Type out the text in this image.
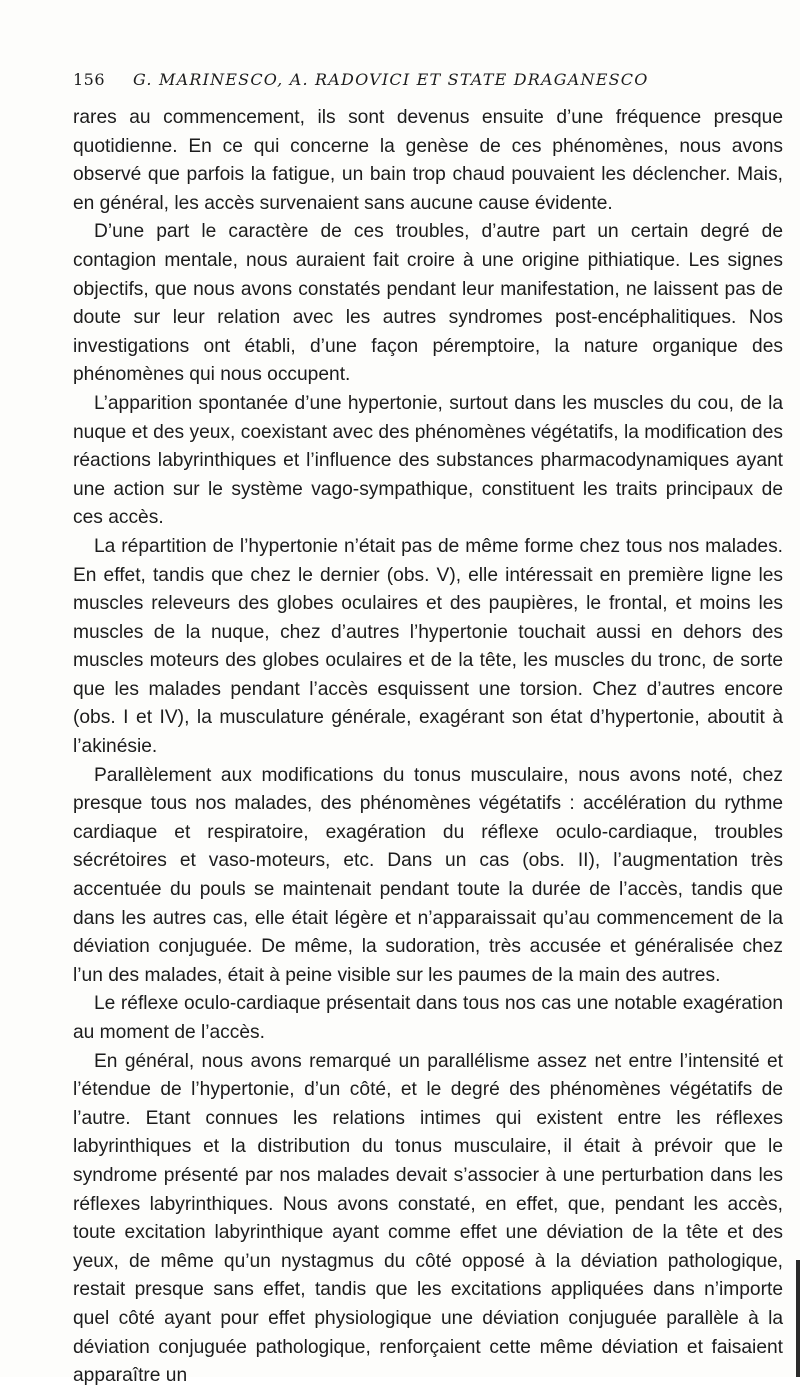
156	G. MARINESCO, A. RADOVICI ET STATE DRAGANESCO

rares au commencement, ils sont devenus ensuite d’une fréquence presque quotidienne. En ce qui concerne la genèse de ces phénomènes, nous avons observé que parfois la fatigue, un bain trop chaud pouvaient les déclencher. Mais, en général, les accès survenaient sans aucune cause évidente.

D’une part le caractère de ces troubles, d’autre part un certain degré de contagion mentale, nous auraient fait croire à une origine pithiatique. Les signes objectifs, que nous avons constatés pendant leur manifestation, ne laissent pas de doute sur leur relation avec les autres syndromes post-encéphalitiques. Nos investigations ont établi, d’une façon péremptoire, la nature organique des phénomènes qui nous occupent.

L’apparition spontanée d’une hypertonie, surtout dans les muscles du cou, de la nuque et des yeux, coexistant avec des phénomènes végétatifs, la modification des réactions labyrinthiques et l’influence des substances pharmacodynamiques ayant une action sur le système vago-sympathique, constituent les traits principaux de ces accès.

La répartition de l’hypertonie n’était pas de même forme chez tous nos malades. En effet, tandis que chez le dernier (obs. V), elle intéressait en première ligne les muscles releveurs des globes oculaires et des paupières, le frontal, et moins les muscles de la nuque, chez d’autres l’hypertonie touchait aussi en dehors des muscles moteurs des globes oculaires et de la tête, les muscles du tronc, de sorte que les malades pendant l’accès esquissent une torsion. Chez d’autres encore (obs. I et IV), la musculature générale, exagérant son état d’hypertonie, aboutit à l’akinésie.

Parallèlement aux modifications du tonus musculaire, nous avons noté, chez presque tous nos malades, des phénomènes végétatifs : accélération du rythme cardiaque et respiratoire, exagération du réflexe oculo-cardiaque, troubles sécrétoires et vaso-moteurs, etc. Dans un cas (obs. II), l’augmentation très accentuée du pouls se maintenait pendant toute la durée de l’accès, tandis que dans les autres cas, elle était légère et n’apparaissait qu’au commencement de la déviation conjuguée. De même, la sudoration, très accusée et généralisée chez l’un des malades, était à peine visible sur les paumes de la main des autres.

Le réflexe oculo-cardiaque présentait dans tous nos cas une notable exagération au moment de l’accès.

En général, nous avons remarqué un parallélisme assez net entre l’intensité et l’étendue de l’hypertonie, d’un côté, et le degré des phénomènes végétatifs de l’autre. Etant connues les relations intimes qui existent entre les réflexes labyrinthiques et la distribution du tonus musculaire, il était à prévoir que le syndrome présenté par nos malades devait s’associer à une perturbation dans les réflexes labyrinthiques. Nous avons constaté, en effet, que, pendant les accès, toute excitation labyrinthique ayant comme effet une déviation de la tête et des yeux, de même qu’un nystagmus du côté opposé à la déviation pathologique, restait presque sans effet, tandis que les excitations appliquées dans n’importe quel côté ayant pour effet physiologique une déviation conjuguée parallèle à la déviation conjuguée pathologique, renforçaient cette même déviation et faisaient apparaître un
